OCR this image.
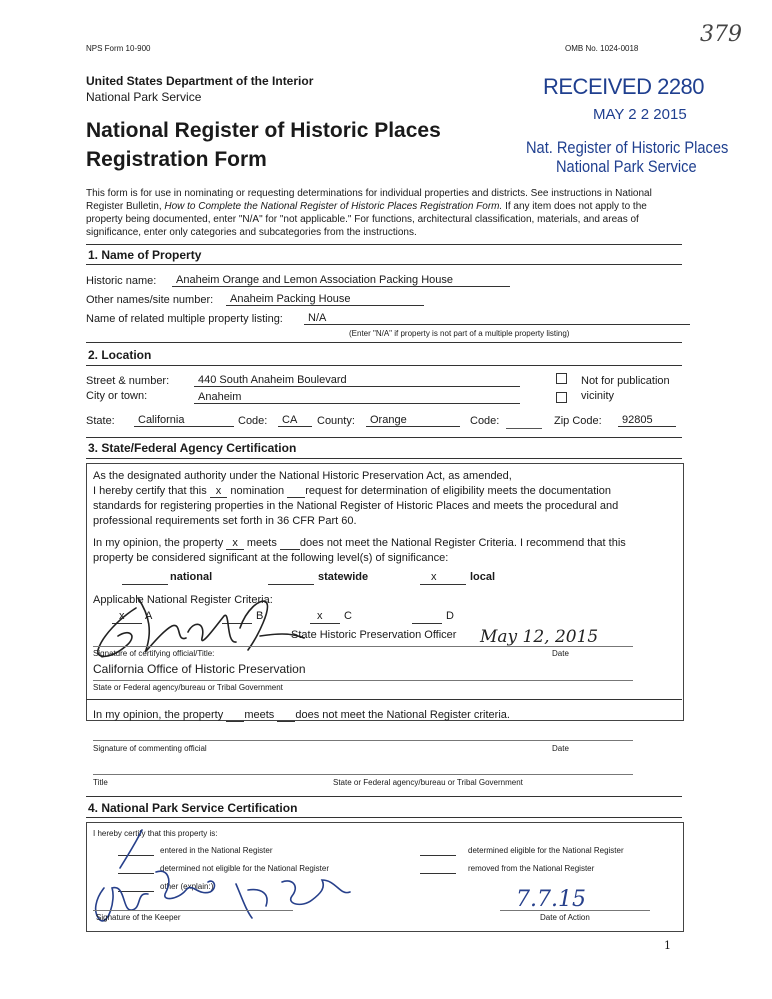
NPS Form 10-900	OMB No. 1024-0018
379
United States Department of the Interior
National Park Service
National Register of Historic Places
Registration Form
RECEIVED 2280
MAY 2 2 2015
Nat. Register of Historic Places
National Park Service
This form is for use in nominating or requesting determinations for individual properties and districts. See instructions in National
Register Bulletin, How to Complete the National Register of Historic Places Registration Form. If any item does not apply to the
property being documented, enter "N/A" for "not applicable." For functions, architectural classification, materials, and areas of
significance, enter only categories and subcategories from the instructions.
1. Name of Property
Historic name:	Anaheim Orange and Lemon Association Packing House
Other names/site number:	Anaheim Packing House
Name of related multiple property listing:	N/A
(Enter "N/A" if property is not part of a multiple property listing)
2. Location
Street & number:	440 South Anaheim Boulevard
City or town:	Anaheim
Not for publication
vicinity
State:	California	Code:	CA	County:	Orange	Code:	Zip Code:	92805
3. State/Federal Agency Certification
As the designated authority under the National Historic Preservation Act, as amended,
I hereby certify that this x nomination request for determination of eligibility meets the documentation
standards for registering properties in the National Register of Historic Places and meets the procedural and
professional requirements set forth in 36 CFR Part 60.
In my opinion, the property x meets does not meet the National Register Criteria. I recommend that this
property be considered significant at the following level(s) of significance:
national	statewide	x	local
Applicable National Register Criteria:
x A	B	x C	D
State Historic Preservation Officer May 12, 2015
Signature of certifying official/Title:	Date
California Office of Historic Preservation
State or Federal agency/bureau or Tribal Government
In my opinion, the property meets does not meet the National Register criteria.
Signature of commenting official	Date
Title	State or Federal agency/bureau or Tribal Government
4. National Park Service Certification
I hereby certify that this property is:
entered in the National Register	determined eligible for the National Register
determined not eligible for the National Register	removed from the National Register
other (explain:)
Signature of the Keeper
7.7.15
Date of Action
1
